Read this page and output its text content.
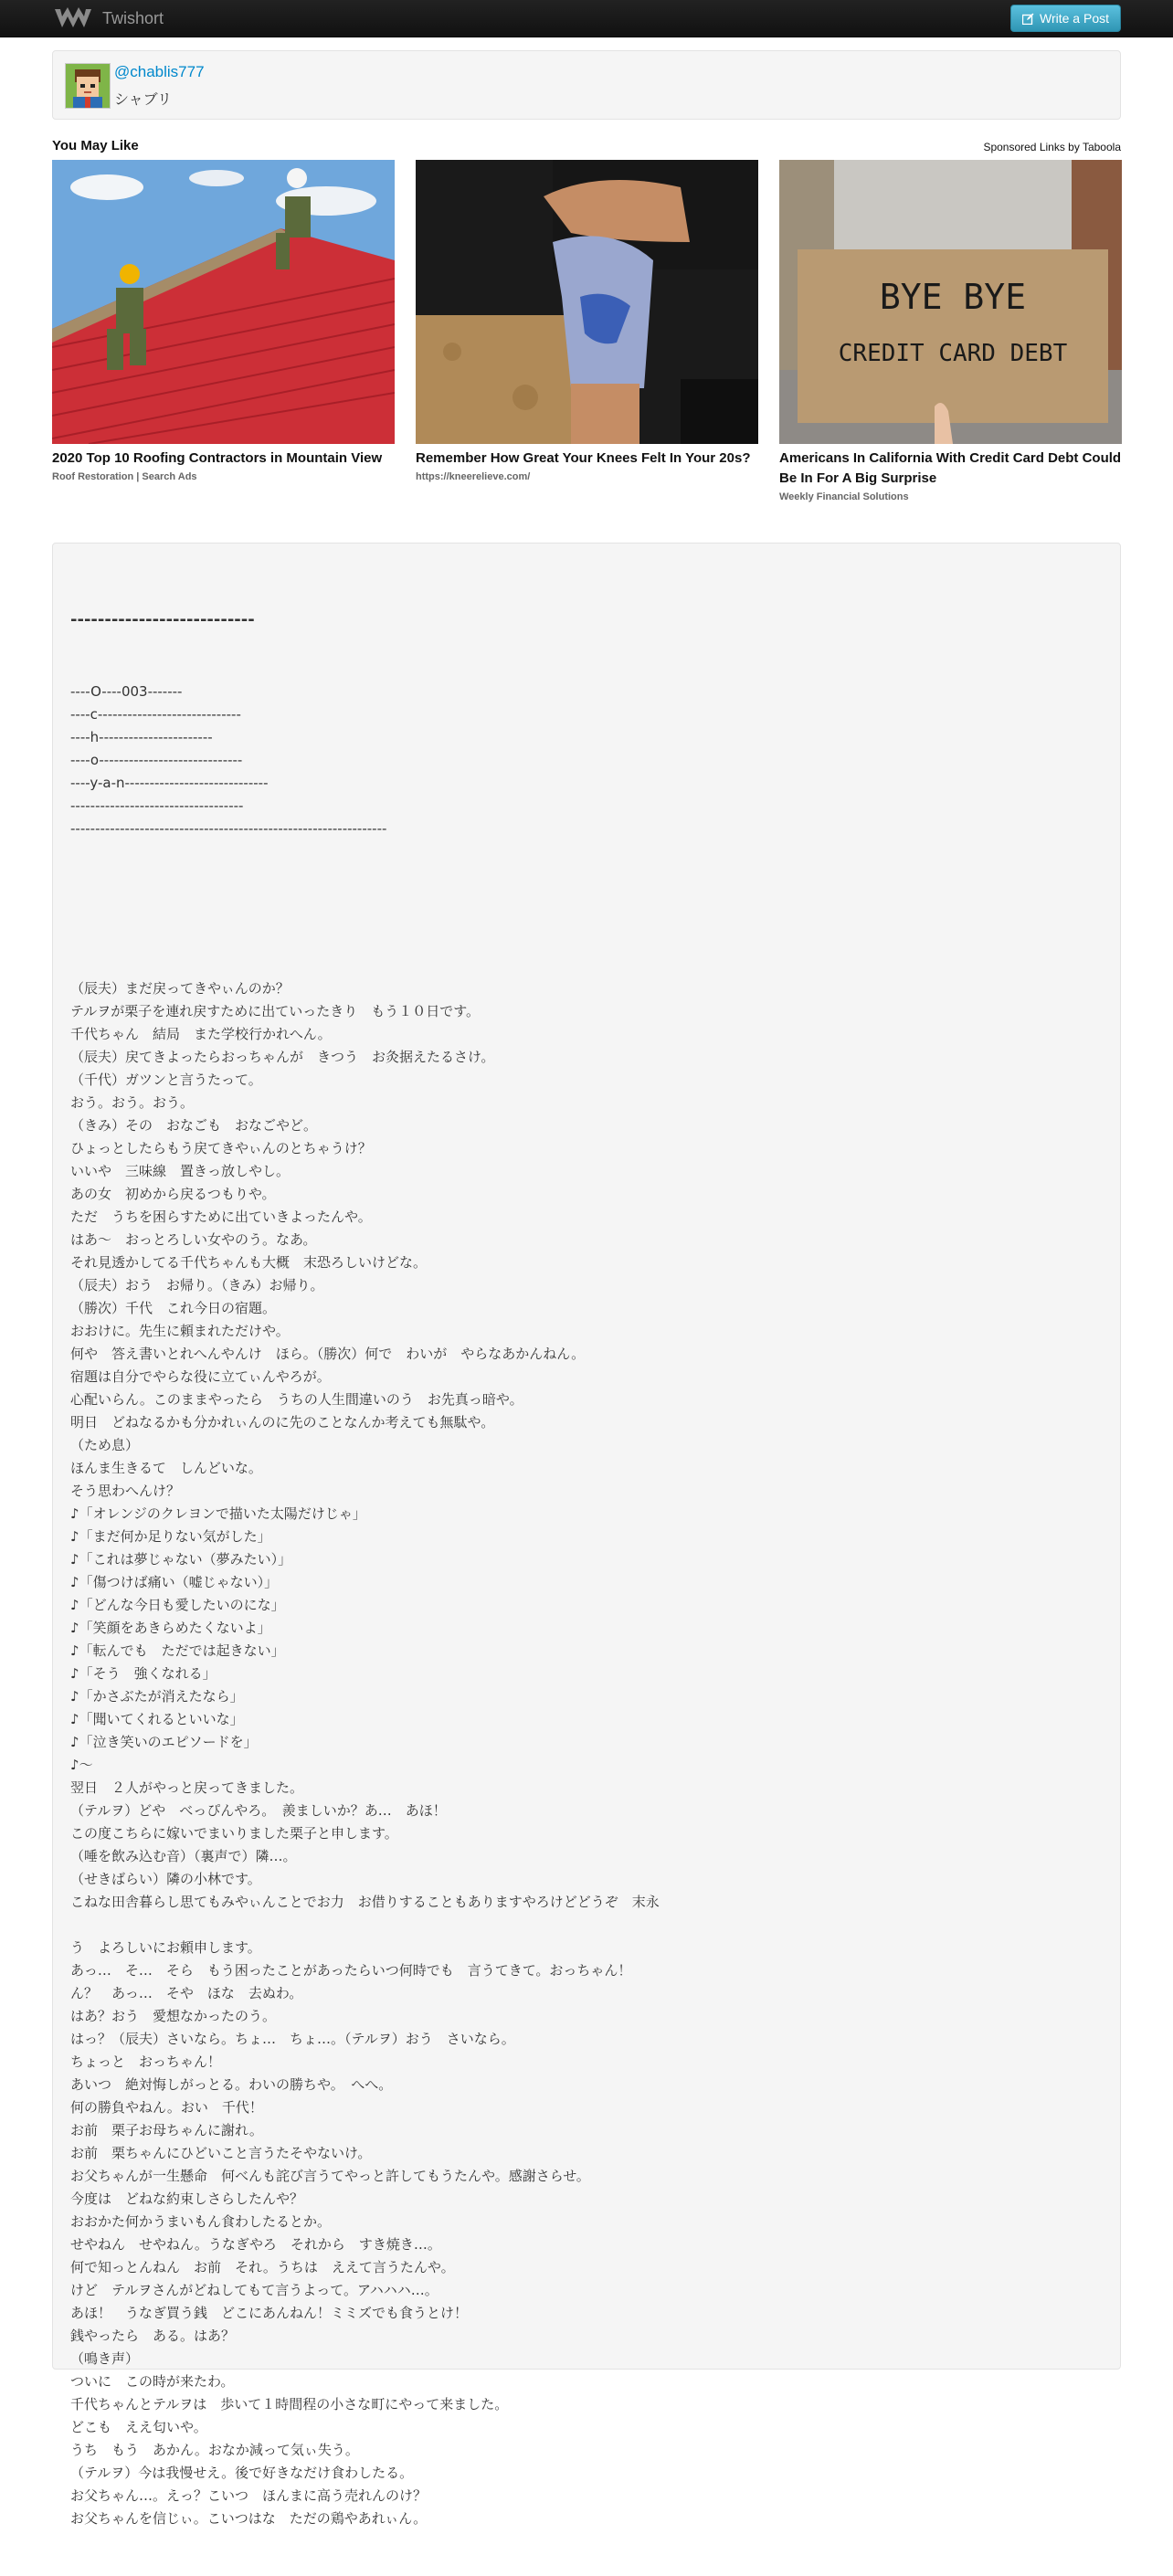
Twishort	Write a Post
@chablis777
シャブリ
You May Like	Sponsored Links by Taboola
2020 Top 10 Roofing Contractors in Mountain View
Roof Restoration | Search Ads
Remember How Great Your Knees Felt In Your 20s?
https://kneerelieve.com/
BYE BYE
CREDIT CARD DEBT
Americans In California With Credit Card Debt Could Be In For A Big Surprise
Weekly Financial Solutions

---------------------------

----O----003-------
----c-----------------------------
----h-----------------------
----o-----------------------------
----y-a-n-----------------------------
-----------------------------------
----------------------------------------------------------------

（辰夫）まだ戻ってきやぃんのか？
テルヲが栗子を連れ戻すために出ていったきり　もう１０日です。
千代ちゃん　結局　また学校行かれへん。
（辰夫）戻てきよったらおっちゃんが　きつう　お灸据えたるさけ。
（千代）ガツンと言うたって。
おう。おう。おう。
（きみ）その　おなごも　おなごやど。
ひょっとしたらもう戻てきやぃんのとちゃうけ？
いいや　三味線　置きっ放しやし。
あの女　初めから戻るつもりや。
ただ　うちを困らすために出ていきよったんや。
はあ～　おっとろしい女やのう。なあ。
それ見透かしてる千代ちゃんも大概　末恐ろしいけどな。
（辰夫）おう　お帰り。（きみ）お帰り。
（勝次）千代　これ今日の宿題。
おおけに。先生に頼まれただけや。
何や　答え書いとれへんやんけ　ほら。（勝次）何で　わいが　やらなあかんねん。
宿題は自分でやらな役に立てぃんやろが。
心配いらん。このままやったら　うちの人生間違いのう　お先真っ暗や。
明日　どねなるかも分かれぃんのに先のことなんか考えても無駄や。
（ため息）
ほんま生きるて　しんどいな。
そう思わへんけ？
♪「オレンジのクレヨンで描いた太陽だけじゃ」
♪「まだ何か足りない気がした」
♪「これは夢じゃない（夢みたい）」
♪「傷つけば痛い（嘘じゃない）」
♪「どんな今日も愛したいのにな」
♪「笑顔をあきらめたくないよ」
♪「転んでも　ただでは起きない」
♪「そう　強くなれる」
♪「かさぶたが消えたなら」
♪「聞いてくれるといいな」
♪「泣き笑いのエピソードを」
♪～
翌日　２人がやっと戻ってきました。
（テルヲ）どや　べっぴんやろ。　羨ましいか？あ…　あほ！
この度こちらに嫁いでまいりました栗子と申します。
（唾を飲み込む音）（裏声で）隣…。
（せきばらい）隣の小林です。
こねな田舎暮らし思てもみやぃんことでお力　お借りすることもありますやろけどどうぞ　末永
う　よろしいにお頼申します。
あっ…　そ…　そら　もう困ったことがあったらいつ何時でも　言うてきて。おっちゃん！
ん？　あっ…　そや　ほな　去ぬわ。
はあ？おう　愛想なかったのう。
はっ？（辰夫）さいなら。ちょ…　ちょ…。（テルヲ）おう　さいなら。
ちょっと　おっちゃん！
あいつ　絶対悔しがっとる。わいの勝ちや。　へへ。
何の勝負やねん。おい　千代！
お前　栗子お母ちゃんに謝れ。
お前　栗ちゃんにひどいこと言うたそやないけ。
お父ちゃんが一生懸命　何べんも詫び言うてやっと許してもうたんや。感謝さらせ。
今度は　どねな約束しさらしたんや？
おおかた何かうまいもん食わしたるとか。
せやねん　せやねん。うなぎやろ　それから　すき焼き…。
何で知っとんねん　お前　それ。うちは　ええて言うたんや。
けど　テルヲさんがどねしてもて言うよって。アハハハ…。
あほ！　うなぎ買う銭　どこにあんねん！ミミズでも食うとけ！
銭やったら　ある。はあ？
（鳴き声）
ついに　この時が来たわ。
千代ちゃんとテルヲは　歩いて１時間程の小さな町にやって来ました。
どこも　ええ匂いや。
うち　もう　あかん。おなか減って気ぃ失う。
（テルヲ）今は我慢せえ。後で好きなだけ食わしたる。
お父ちゃん…。えっ？こいつ　ほんまに高う売れんのけ？
お父ちゃんを信じぃ。こいつはな　ただの鶏やあれぃん。
